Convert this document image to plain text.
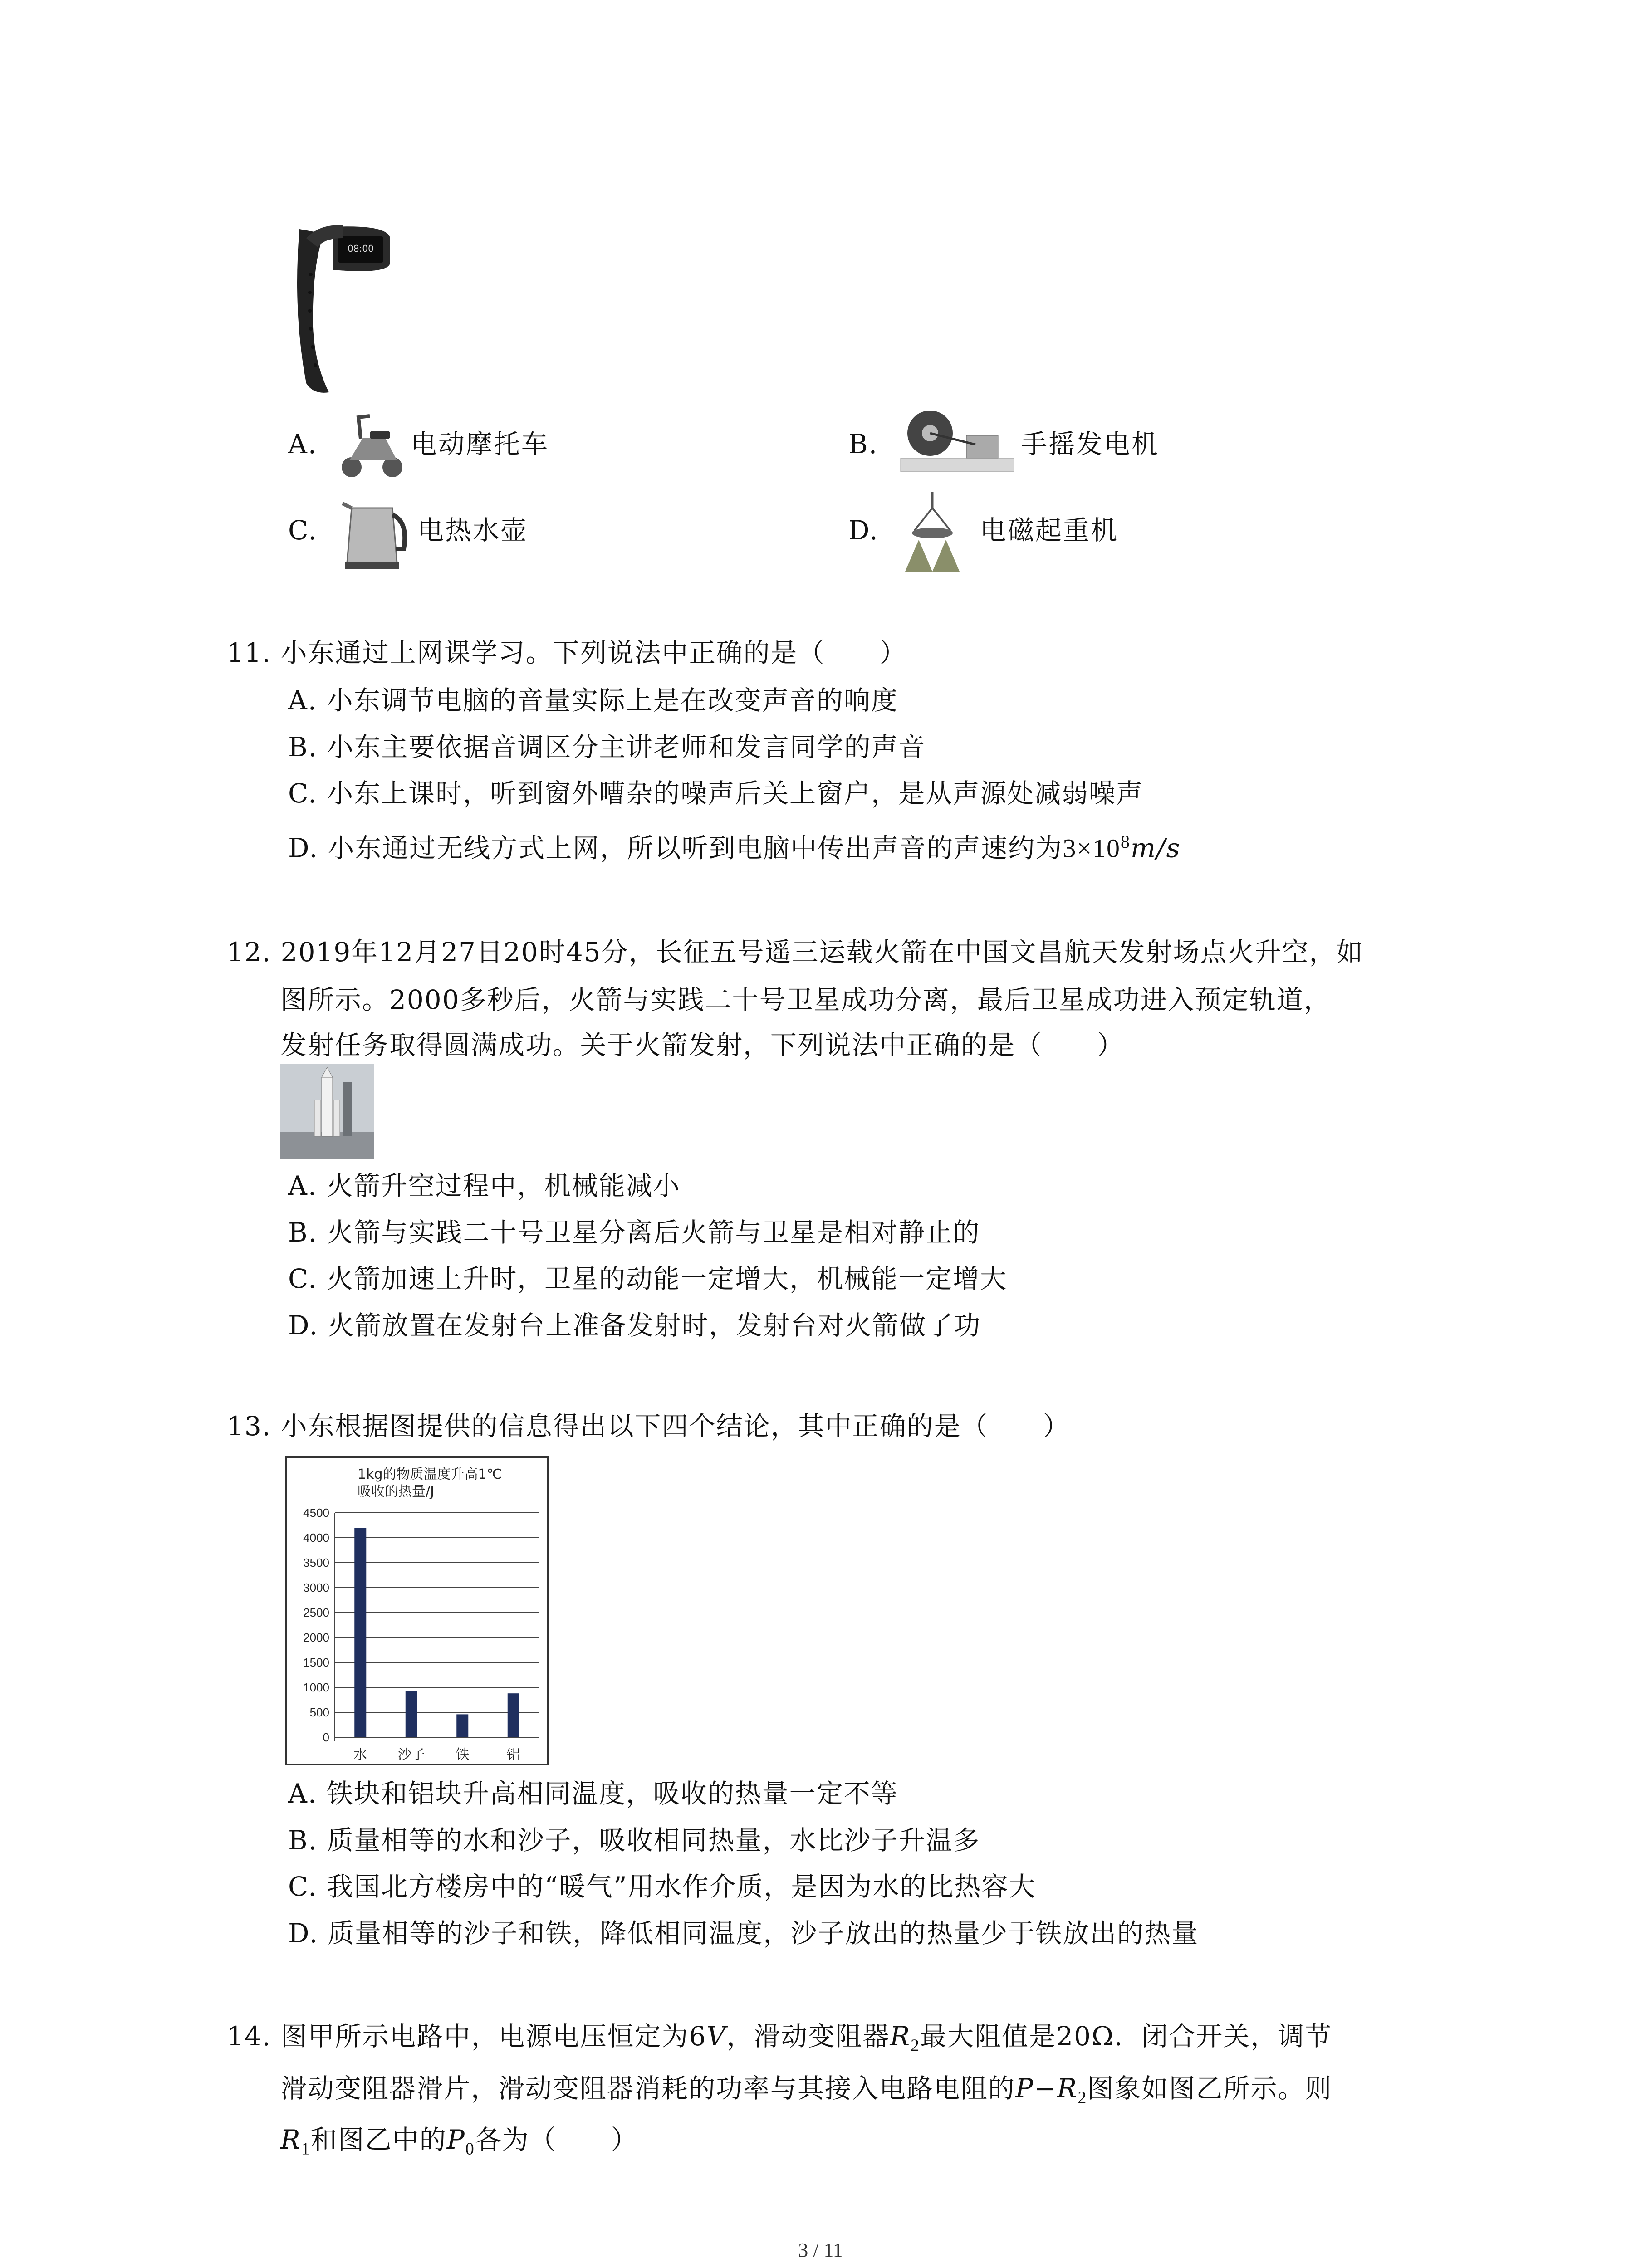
08:00
A.	电动摩托车	B.	手摇发电机
C.	电热水壶	D.	电磁起重机
11. 小东通过上网课学习。下列说法中正确的是（　　）
A. 小东调节电脑的音量实际上是在改变声音的响度
B. 小东主要依据音调区分主讲老师和发言同学的声音
C. 小东上课时，听到窗外嘈杂的噪声后关上窗户，是从声源处减弱噪声
D. 小东通过无线方式上网，所以听到电脑中传出声音的声速约为$3\times 10^8m/s$
12. 2019年12月27日20时45分，长征五号遥三运载火箭在中国文昌航天发射场点火升空，如
图所示。2000多秒后，火箭与实践二十号卫星成功分离，最后卫星成功进入预定轨道，
发射任务取得圆满成功。关于火箭发射，下列说法中正确的是（　　）
A. 火箭升空过程中，机械能减小
B. 火箭与实践二十号卫星分离后火箭与卫星是相对静止的
C. 火箭加速上升时，卫星的动能一定增大，机械能一定增大
D. 火箭放置在发射台上准备发射时，发射台对火箭做了功
13. 小东根据图提供的信息得出以下四个结论，其中正确的是（　　）
1kg的物质温度升高1℃
吸收的热量/J
0
500
1000
1500
2000
2500
3000
3500
4000
4500
水 沙子 铁	铝
A. 铁块和铝块升高相同温度，吸收的热量一定不等
B. 质量相等的水和沙子，吸收相同热量，水比沙子升温多
C. 我国北方楼房中的“暖气”用水作介质，是因为水的比热容大
D. 质量相等的沙子和铁，降低相同温度，沙子放出的热量少于铁放出的热量
14. 图甲所示电路中，电源电压恒定为6V，滑动变阻器$R_2$最大阻值是20Ω．闭合开关，调节
滑动变阻器滑片，滑动变阻器消耗的功率与其接入电路电阻的$P-R_2$图象如图乙所示。则
$R_1$和图乙中的$P_0$各为（　　）
3 / 11
